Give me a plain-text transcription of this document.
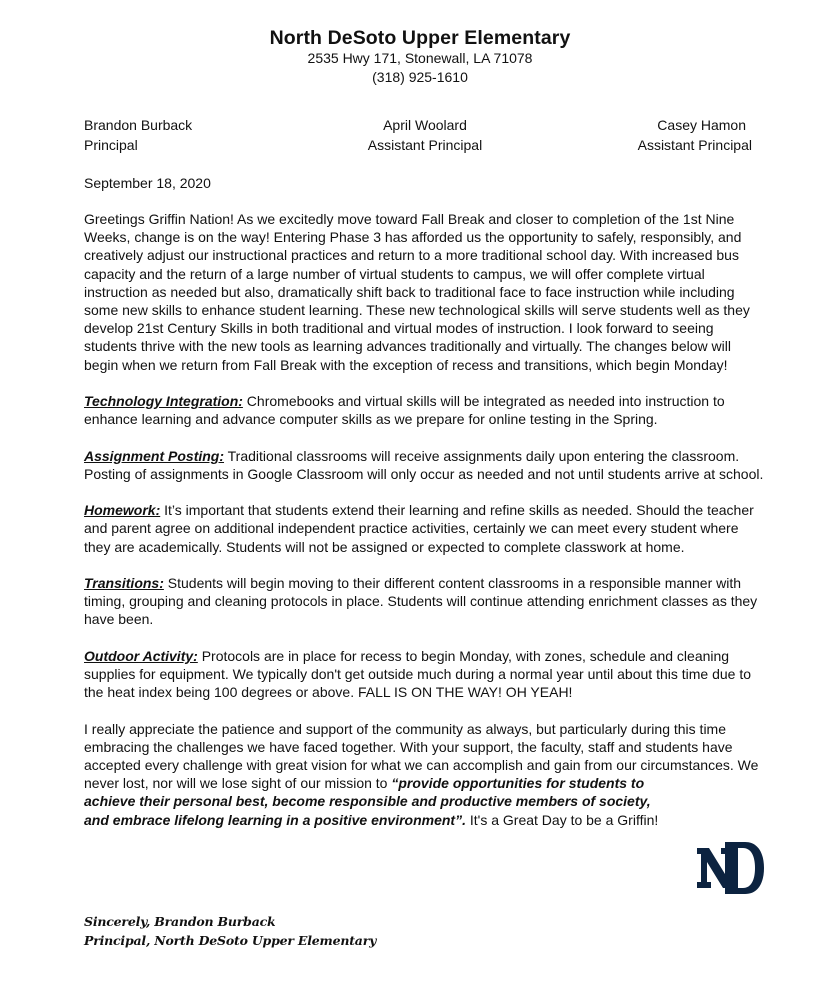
North DeSoto Upper Elementary
2535 Hwy 171, Stonewall, LA 71078
(318) 925-1610
Brandon Burback
Principal
April Woolard
Assistant Principal
Casey Hamon
Assistant Principal
September 18, 2020

Greetings Griffin Nation! As we excitedly move toward Fall Break and closer to completion of the 1st Nine Weeks, change is on the way! Entering Phase 3 has afforded us the opportunity to safely, responsibly, and creatively adjust our instructional practices and return to a more traditional school day. With increased bus capacity and the return of a large number of virtual students to campus, we will offer complete virtual instruction as needed but also, dramatically shift back to traditional face to face instruction while including some new skills to enhance student learning. These new technological skills will serve students well as they develop 21st Century Skills in both traditional and virtual modes of instruction. I look forward to seeing students thrive with the new tools as learning advances traditionally and virtually. The changes below will begin when we return from Fall Break with the exception of recess and transitions, which begin Monday!

Technology Integration: Chromebooks and virtual skills will be integrated as needed into instruction to enhance learning and advance computer skills as we prepare for online testing in the Spring.

Assignment Posting: Traditional classrooms will receive assignments daily upon entering the classroom. Posting of assignments in Google Classroom will only occur as needed and not until students arrive at school.

Homework: It’s important that students extend their learning and refine skills as needed. Should the teacher and parent agree on additional independent practice activities, certainly we can meet every student where they are academically. Students will not be assigned or expected to complete classwork at home.

Transitions: Students will begin moving to their different content classrooms in a responsible manner with timing, grouping and cleaning protocols in place. Students will continue attending enrichment classes as they have been.

Outdoor Activity: Protocols are in place for recess to begin Monday, with zones, schedule and cleaning supplies for equipment. We typically don't get outside much during a normal year until about this time due to the heat index being 100 degrees or above. FALL IS ON THE WAY! OH YEAH!

I really appreciate the patience and support of the community as always, but particularly during this time embracing the challenges we have faced together. With your support, the faculty, staff and students have accepted every challenge with great vision for what we can accomplish and gain from our circumstances. We never lost, nor will we lose sight of our mission to “provide opportunities for students to
achieve their personal best, become responsible and productive members of society,
and embrace lifelong learning in a positive environment”. It's a Great Day to be a Griffin!

Sincerely, Brandon Burback
Principal, North DeSoto Upper Elementary
